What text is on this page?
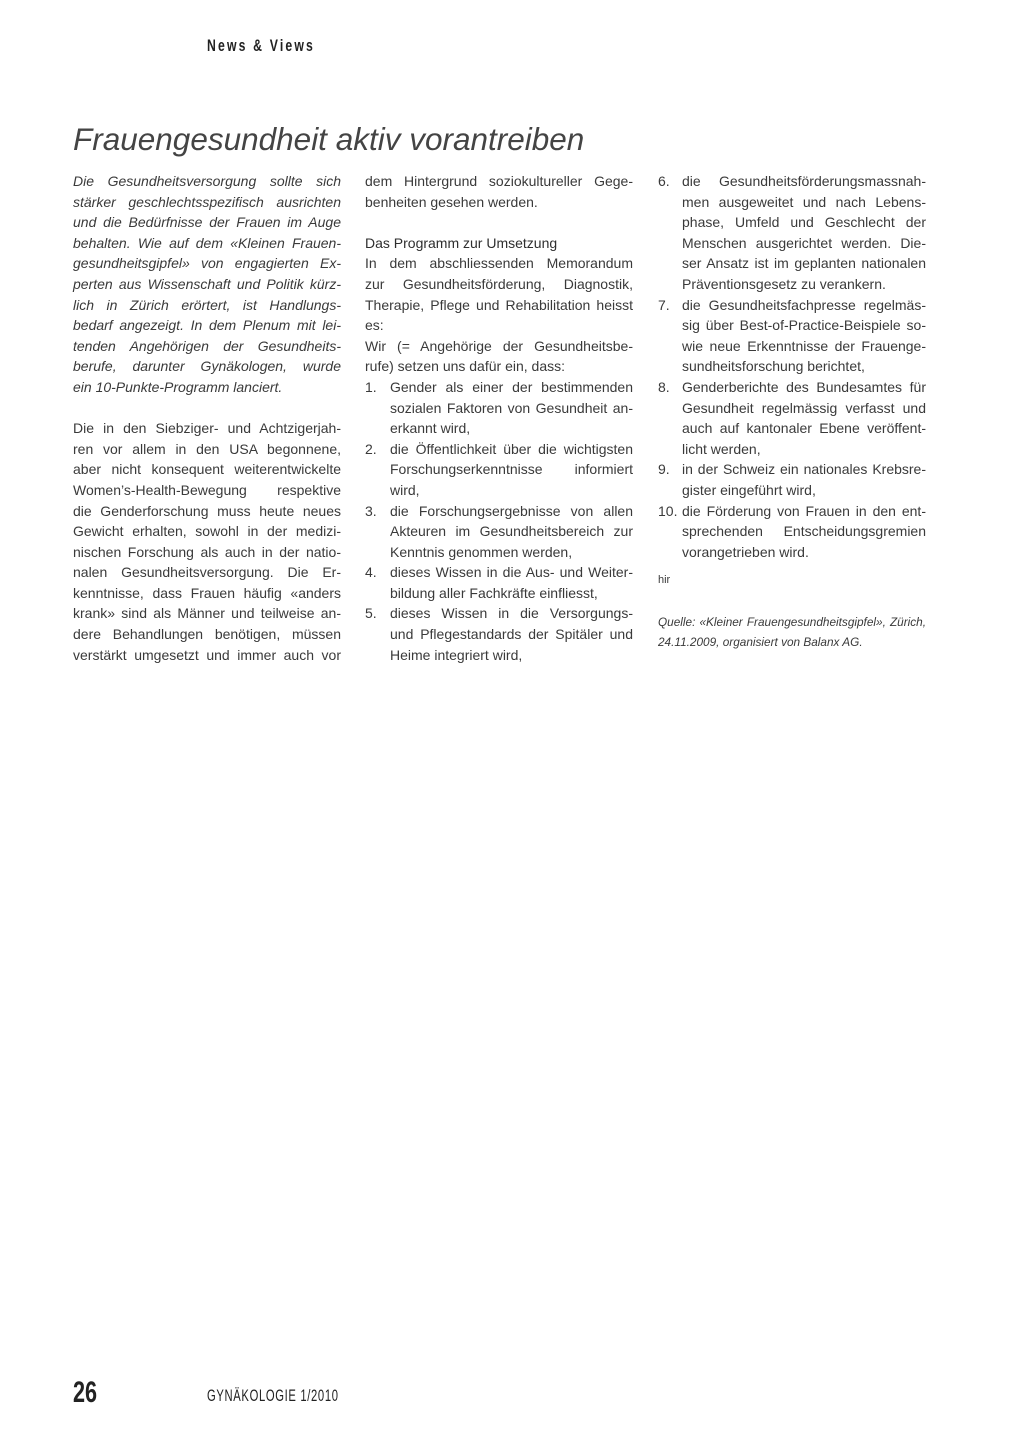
News & Views
Frauengesundheit aktiv vorantreiben
Die Gesundheitsversorgung sollte sich
stärker geschlechtsspezifisch ausrichten
und die Bedürfnisse der Frauen im Auge
behalten. Wie auf dem «Kleinen Frauen-
gesundheitsgipfel» von engagierten Ex-
perten aus Wissenschaft und Politik kürz-
lich in Zürich erörtert, ist Handlungs-
bedarf angezeigt. In dem Plenum mit lei-
tenden Angehörigen der Gesundheits-
berufe, darunter Gynäkologen, wurde
ein 10-Punkte-Programm lanciert.
Die in den Siebziger- und Achtzigerjah-
ren vor allem in den USA begonnene,
aber nicht konsequent weiterentwickelte
Women’s-Health-Bewegung respektive
die Genderforschung muss heute neues
Gewicht erhalten, sowohl in der medizi-
nischen Forschung als auch in der natio-
nalen Gesundheitsversorgung. Die Er-
kenntnisse, dass Frauen häufig «anders
krank» sind als Männer und teilweise an-
dere Behandlungen benötigen, müssen
verstärkt umgesetzt und immer auch vor
dem Hintergrund soziokultureller Gege-
benheiten gesehen werden.
Das Programm zur Umsetzung
In dem abschliessenden Memorandum
zur Gesundheitsförderung, Diagnostik,
Therapie, Pflege und Rehabilitation heisst
es:
Wir (= Angehörige der Gesundheitsbe-
rufe) setzen uns dafür ein, dass:
1. Gender als einer der bestimmenden
sozialen Faktoren von Gesundheit an-
erkannt wird,
2. die Öffentlichkeit über die wichtigsten
Forschungserkenntnisse informiert
wird,
3. die Forschungsergebnisse von allen
Akteuren im Gesundheitsbereich zur
Kenntnis genommen werden,
4. dieses Wissen in die Aus- und Weiter-
bildung aller Fachkräfte einfliesst,
5. dieses Wissen in die Versorgungs-
und Pflegestandards der Spitäler und
Heime integriert wird,
6. die Gesundheitsförderungsmassnah-
men ausgeweitet und nach Lebens-
phase, Umfeld und Geschlecht der
Menschen ausgerichtet werden. Die-
ser Ansatz ist im geplanten nationalen
Präventionsgesetz zu verankern.
7. die Gesundheitsfachpresse regelmäs-
sig über Best-of-Practice-Beispiele so-
wie neue Erkenntnisse der Frauenge-
sundheitsforschung berichtet,
8. Genderberichte des Bundesamtes für
Gesundheit regelmässig verfasst und
auch auf kantonaler Ebene veröffent-
licht werden,
9. in der Schweiz ein nationales Krebsre-
gister eingeführt wird,
10. die Förderung von Frauen in den ent-
sprechenden Entscheidungsgremien
vorangetrieben wird.
hir
Quelle: «Kleiner Frauengesundheitsgipfel», Zürich,
24.11.2009, organisiert von Balanx AG.
26	GYNÄKOLOGIE 1/2010
